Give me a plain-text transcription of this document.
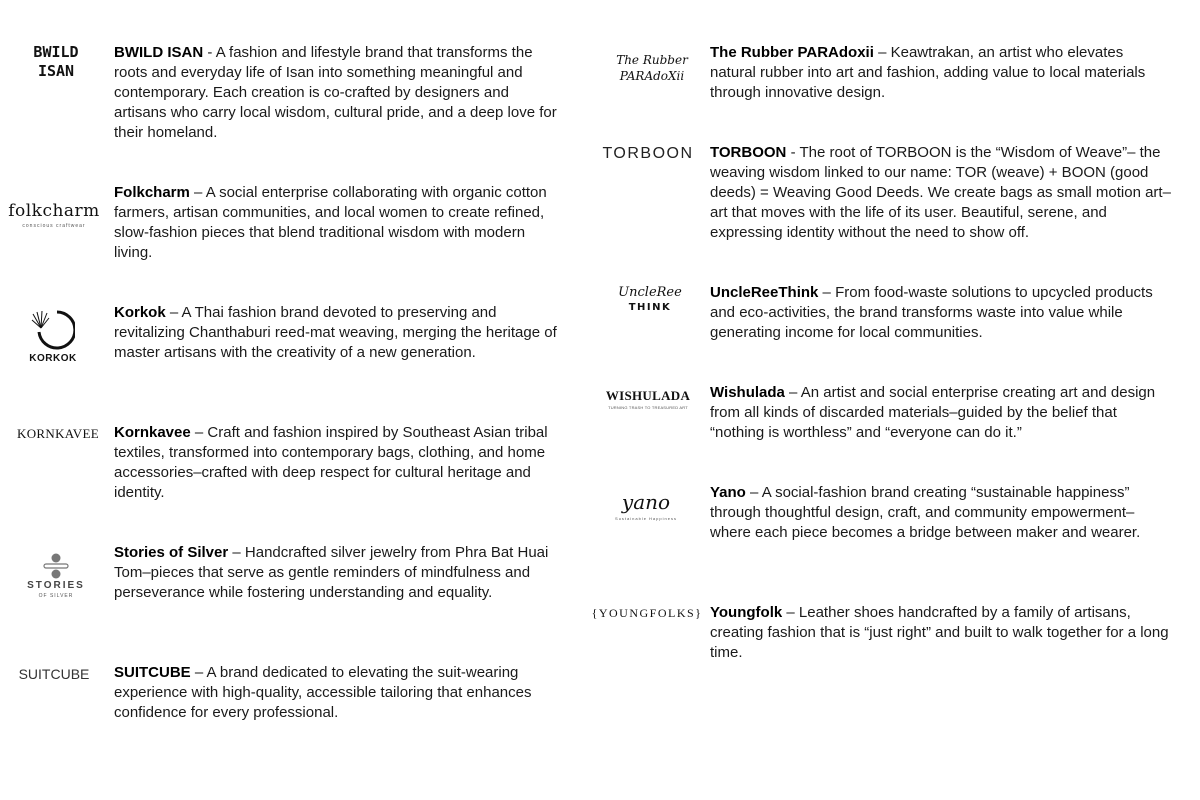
BWILD ISAN
BWILD ISAN - A fashion and lifestyle brand that transforms the roots and everyday life of Isan into something meaningful and contemporary. Each creation is co-crafted by designers and artisans who carry local wisdom, cultural pride, and a deep love for their homeland.
folkcharm
conscious craftwear
Folkcharm – A social enterprise collaborating with organic cotton farmers, artisan communities, and local women to create refined, slow-fashion pieces that blend traditional wisdom with modern living.
KORKOK
Korkok – A Thai fashion brand devoted to preserving and revitalizing Chanthaburi reed-mat weaving, merging the heritage of master artisans with the creativity of a new generation.
KORNKAVEE Kornkavee – Craft and fashion inspired by Southeast Asian tribal textiles, transformed into contemporary bags, clothing, and home accessories–crafted with deep respect for cultural heritage and identity.
STORIES
OF SILVER
Stories of Silver – Handcrafted silver jewelry from Phra Bat Huai Tom–pieces that serve as gentle reminders of mindfulness and perseverance while fostering understanding and equality.
SUITCUBE SUITCUBE – A brand dedicated to elevating the suit-wearing experience with high-quality, accessible tailoring that enhances confidence for every professional.
The Rubber PARAdoXii
The Rubber PARAdoxii – Keawtrakan, an artist who elevates natural rubber into art and fashion, adding value to local materials through innovative design.
TORBOON TORBOON - The root of TORBOON is the “Wisdom of Weave”– the weaving wisdom linked to our name: TOR (weave) + BOON (good deeds) = Weaving Good Deeds. We create bags as small motion art–art that moves with the life of its user. Beautiful, serene, and expressing identity without the need to show off.
UncleRee
THINK
UncleReeThink – From food-waste solutions to upcycled products and eco-activities, the brand transforms waste into value while generating income for local communities.
WISHULADA
TURNING TRASH TO TREASURED ART
Wishulada – An artist and social enterprise creating art and design from all kinds of discarded materials–guided by the belief that “nothing is worthless” and “everyone can do it.”
yano
Sustainable Happiness
Yano – A social-fashion brand creating “sustainable happiness” through thoughtful design, craft, and community empowerment–where each piece becomes a bridge between maker and wearer.
{YOUNGFOLKS} Youngfolk – Leather shoes handcrafted by a family of artisans, creating fashion that is “just right” and built to walk together for a long time.
